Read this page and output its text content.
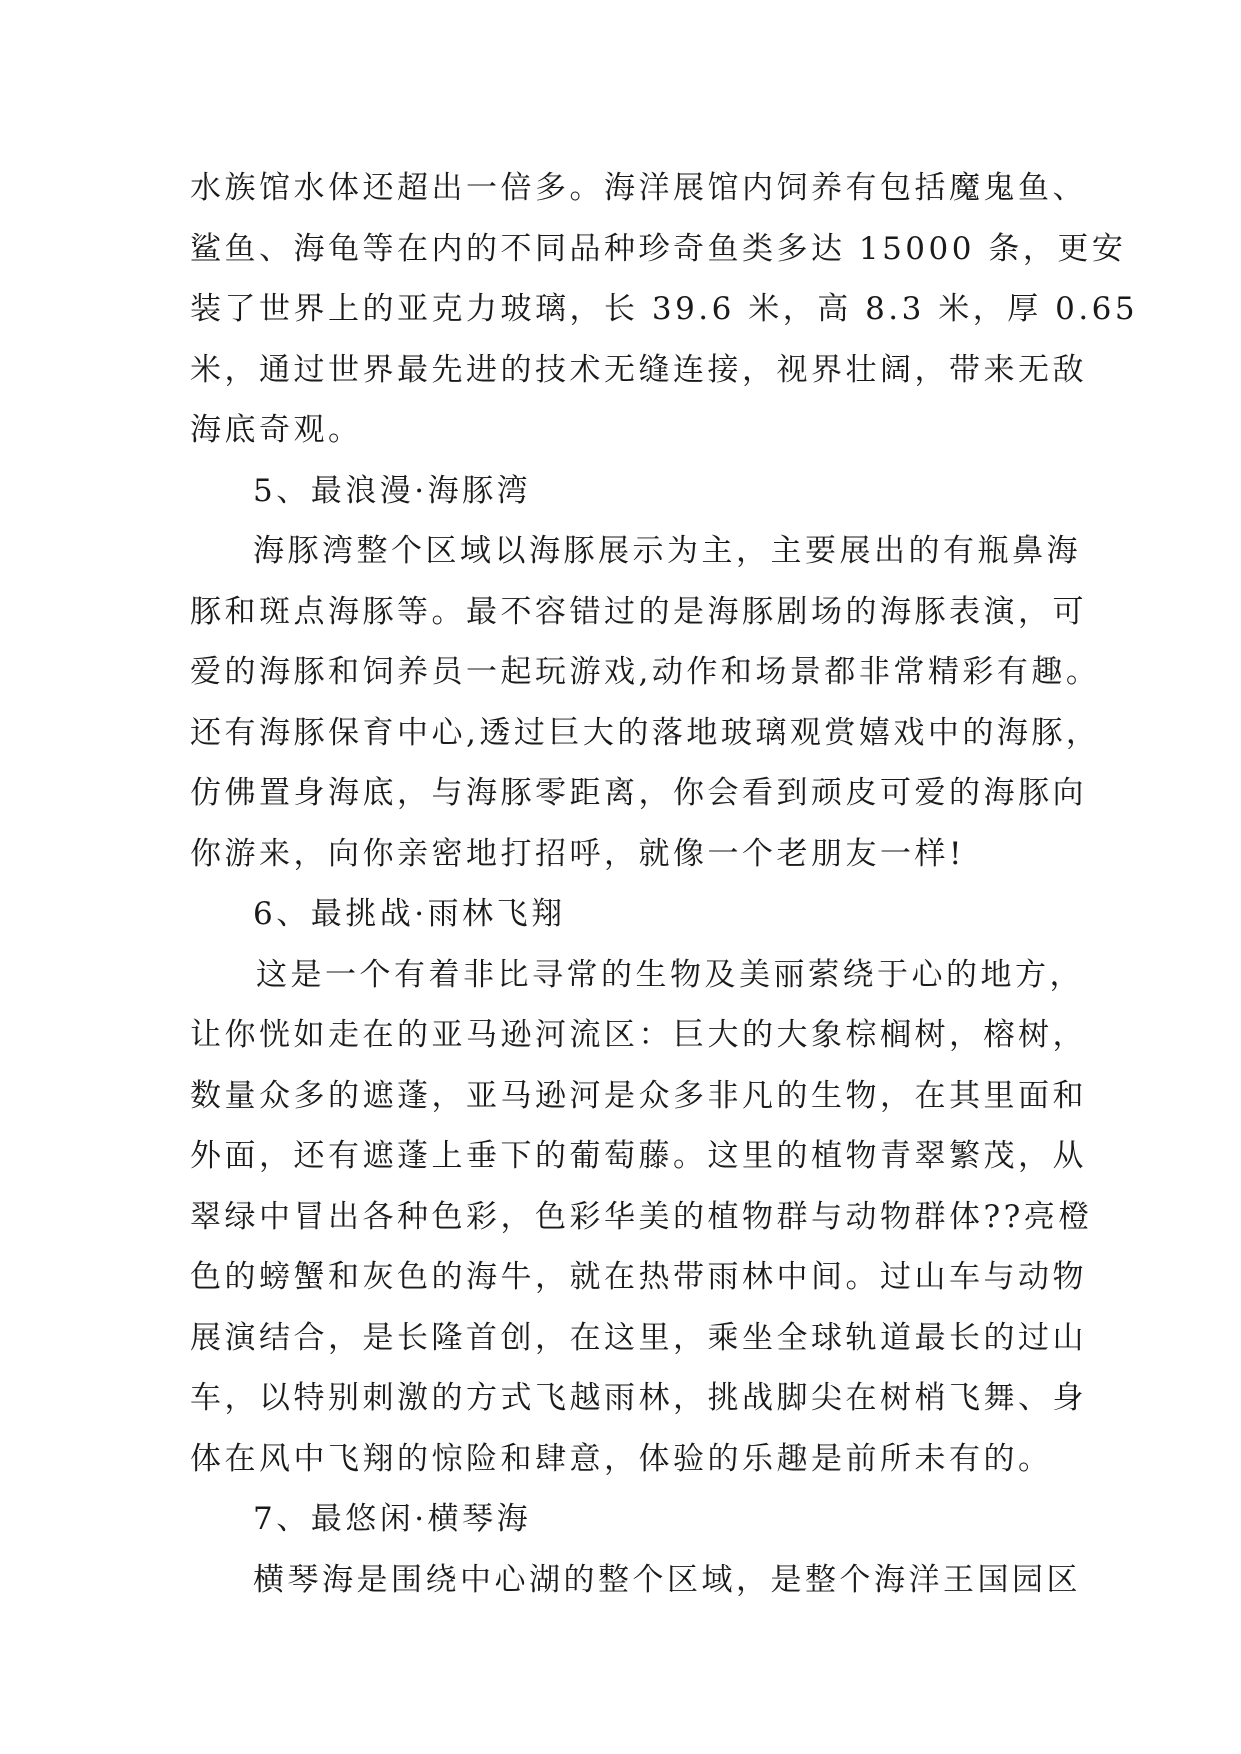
水族馆水体还超出一倍多。海洋展馆内饲养有包括魔鬼鱼、
鲨鱼、海龟等在内的不同品种珍奇鱼类多达 15000 条，更安
装了世界上的亚克力玻璃，长 39.6 米，高 8.3 米，厚 0.65
米，通过世界最先进的技术无缝连接，视界壮阔，带来无敌
海底奇观。
5、最浪漫·海豚湾
海豚湾整个区域以海豚展示为主，主要展出的有瓶鼻海
豚和斑点海豚等。最不容错过的是海豚剧场的海豚表演，可
爱的海豚和饲养员一起玩游戏,动作和场景都非常精彩有趣。
还有海豚保育中心,透过巨大的落地玻璃观赏嬉戏中的海豚，
仿佛置身海底，与海豚零距离，你会看到顽皮可爱的海豚向
你游来，向你亲密地打招呼，就像一个老朋友一样!
6、最挑战·雨林飞翔
这是一个有着非比寻常的生物及美丽萦绕于心的地方，
让你恍如走在的亚马逊河流区：巨大的大象棕榈树，榕树，
数量众多的遮蓬，亚马逊河是众多非凡的生物，在其里面和
外面，还有遮蓬上垂下的葡萄藤。这里的植物青翠繁茂，从
翠绿中冒出各种色彩，色彩华美的植物群与动物群体??亮橙
色的螃蟹和灰色的海牛，就在热带雨林中间。过山车与动物
展演结合，是长隆首创，在这里，乘坐全球轨道最长的过山
车，以特别刺激的方式飞越雨林，挑战脚尖在树梢飞舞、身
体在风中飞翔的惊险和肆意，体验的乐趣是前所未有的。
7、最悠闲·横琴海
横琴海是围绕中心湖的整个区域，是整个海洋王国园区
